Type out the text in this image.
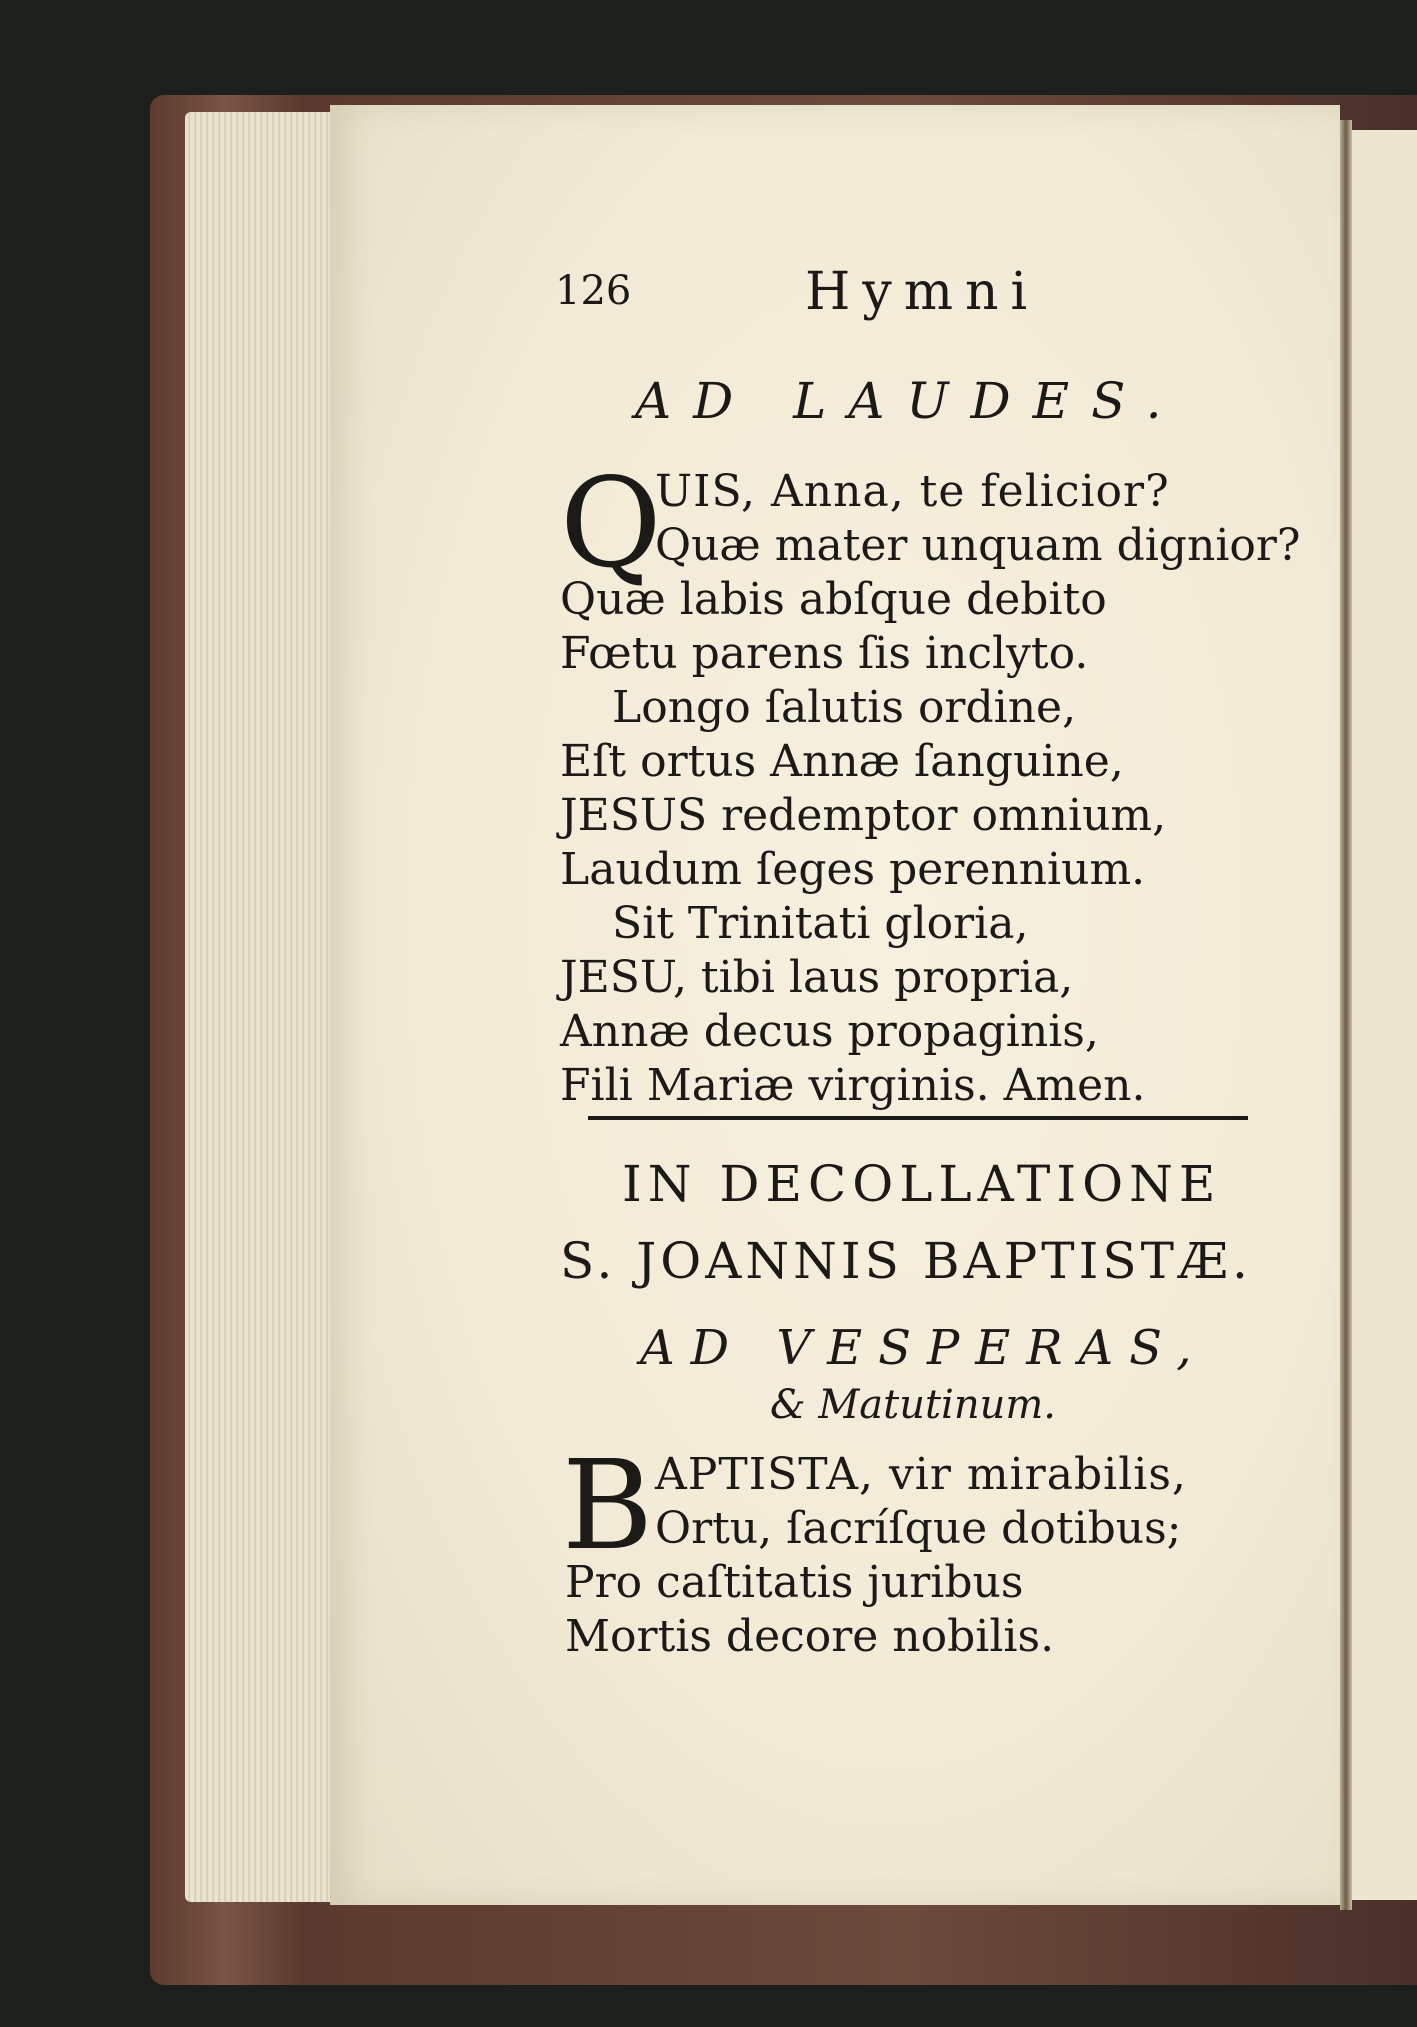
126	Hymni
AD LAUDES.
Q
UIS, Anna, te felicior?
Quæ mater unquam dignior?
Quæ labis abſque debito
Fœtu parens ſis inclyto.
Longo ſalutis ordine,
Eſt ortus Annæ ſanguine,
JESUS redemptor omnium,
Laudum ſeges perennium.
Sit Trinitati gloria,
JESU, tibi laus propria,
Annæ decus propaginis,
Fili Mariæ virginis. Amen.
IN DECOLLATIONE
S. JOANNIS BAPTISTÆ.
AD VESPERAS,
& Matutinum.
B APTISTA, vir mirabilis,
Ortu, ſacríſque dotibus;
Pro caſtitatis juribus
Mortis decore nobilis.
